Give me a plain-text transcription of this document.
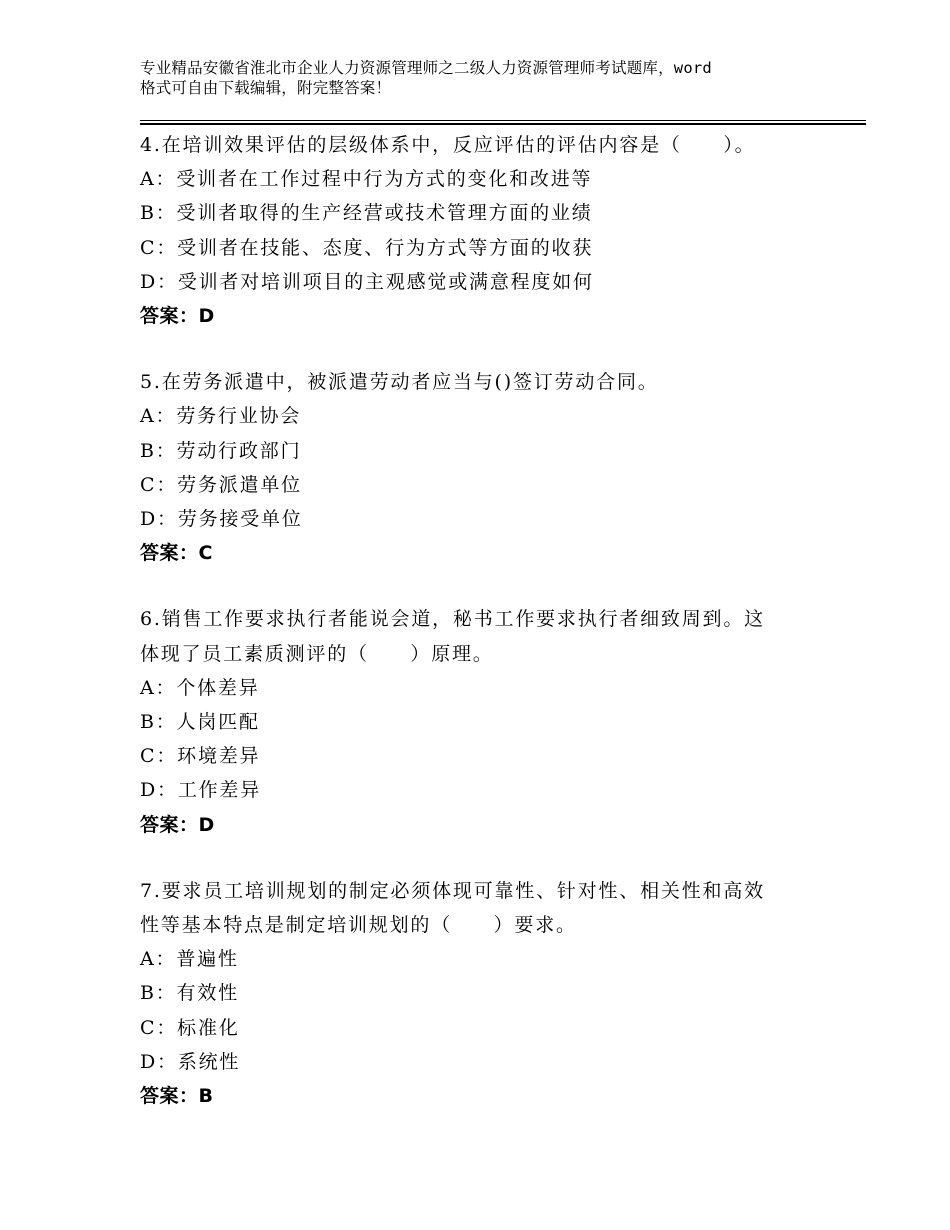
专业精品安徽省淮北市企业人力资源管理师之二级人力资源管理师考试题库，word
格式可自由下载编辑，附完整答案！
4.在培训效果评估的层级体系中，反应评估的评估内容是（　　）。
A：受训者在工作过程中行为方式的变化和改进等
B：受训者取得的生产经营或技术管理方面的业绩
C：受训者在技能、态度、行为方式等方面的收获
D：受训者对培训项目的主观感觉或满意程度如何
答案：D
5.在劳务派遣中，被派遣劳动者应当与()签订劳动合同。
A：劳务行业协会
B：劳动行政部门
C：劳务派遣单位
D：劳务接受单位
答案：C
6.销售工作要求执行者能说会道，秘书工作要求执行者细致周到。这
体现了员工素质测评的（　　）原理。
A：个体差异
B：人岗匹配
C：环境差异
D：工作差异
答案：D
7.要求员工培训规划的制定必须体现可靠性、针对性、相关性和高效
性等基本特点是制定培训规划的（　　）要求。
A：普遍性
B：有效性
C：标准化
D：系统性
答案：B
